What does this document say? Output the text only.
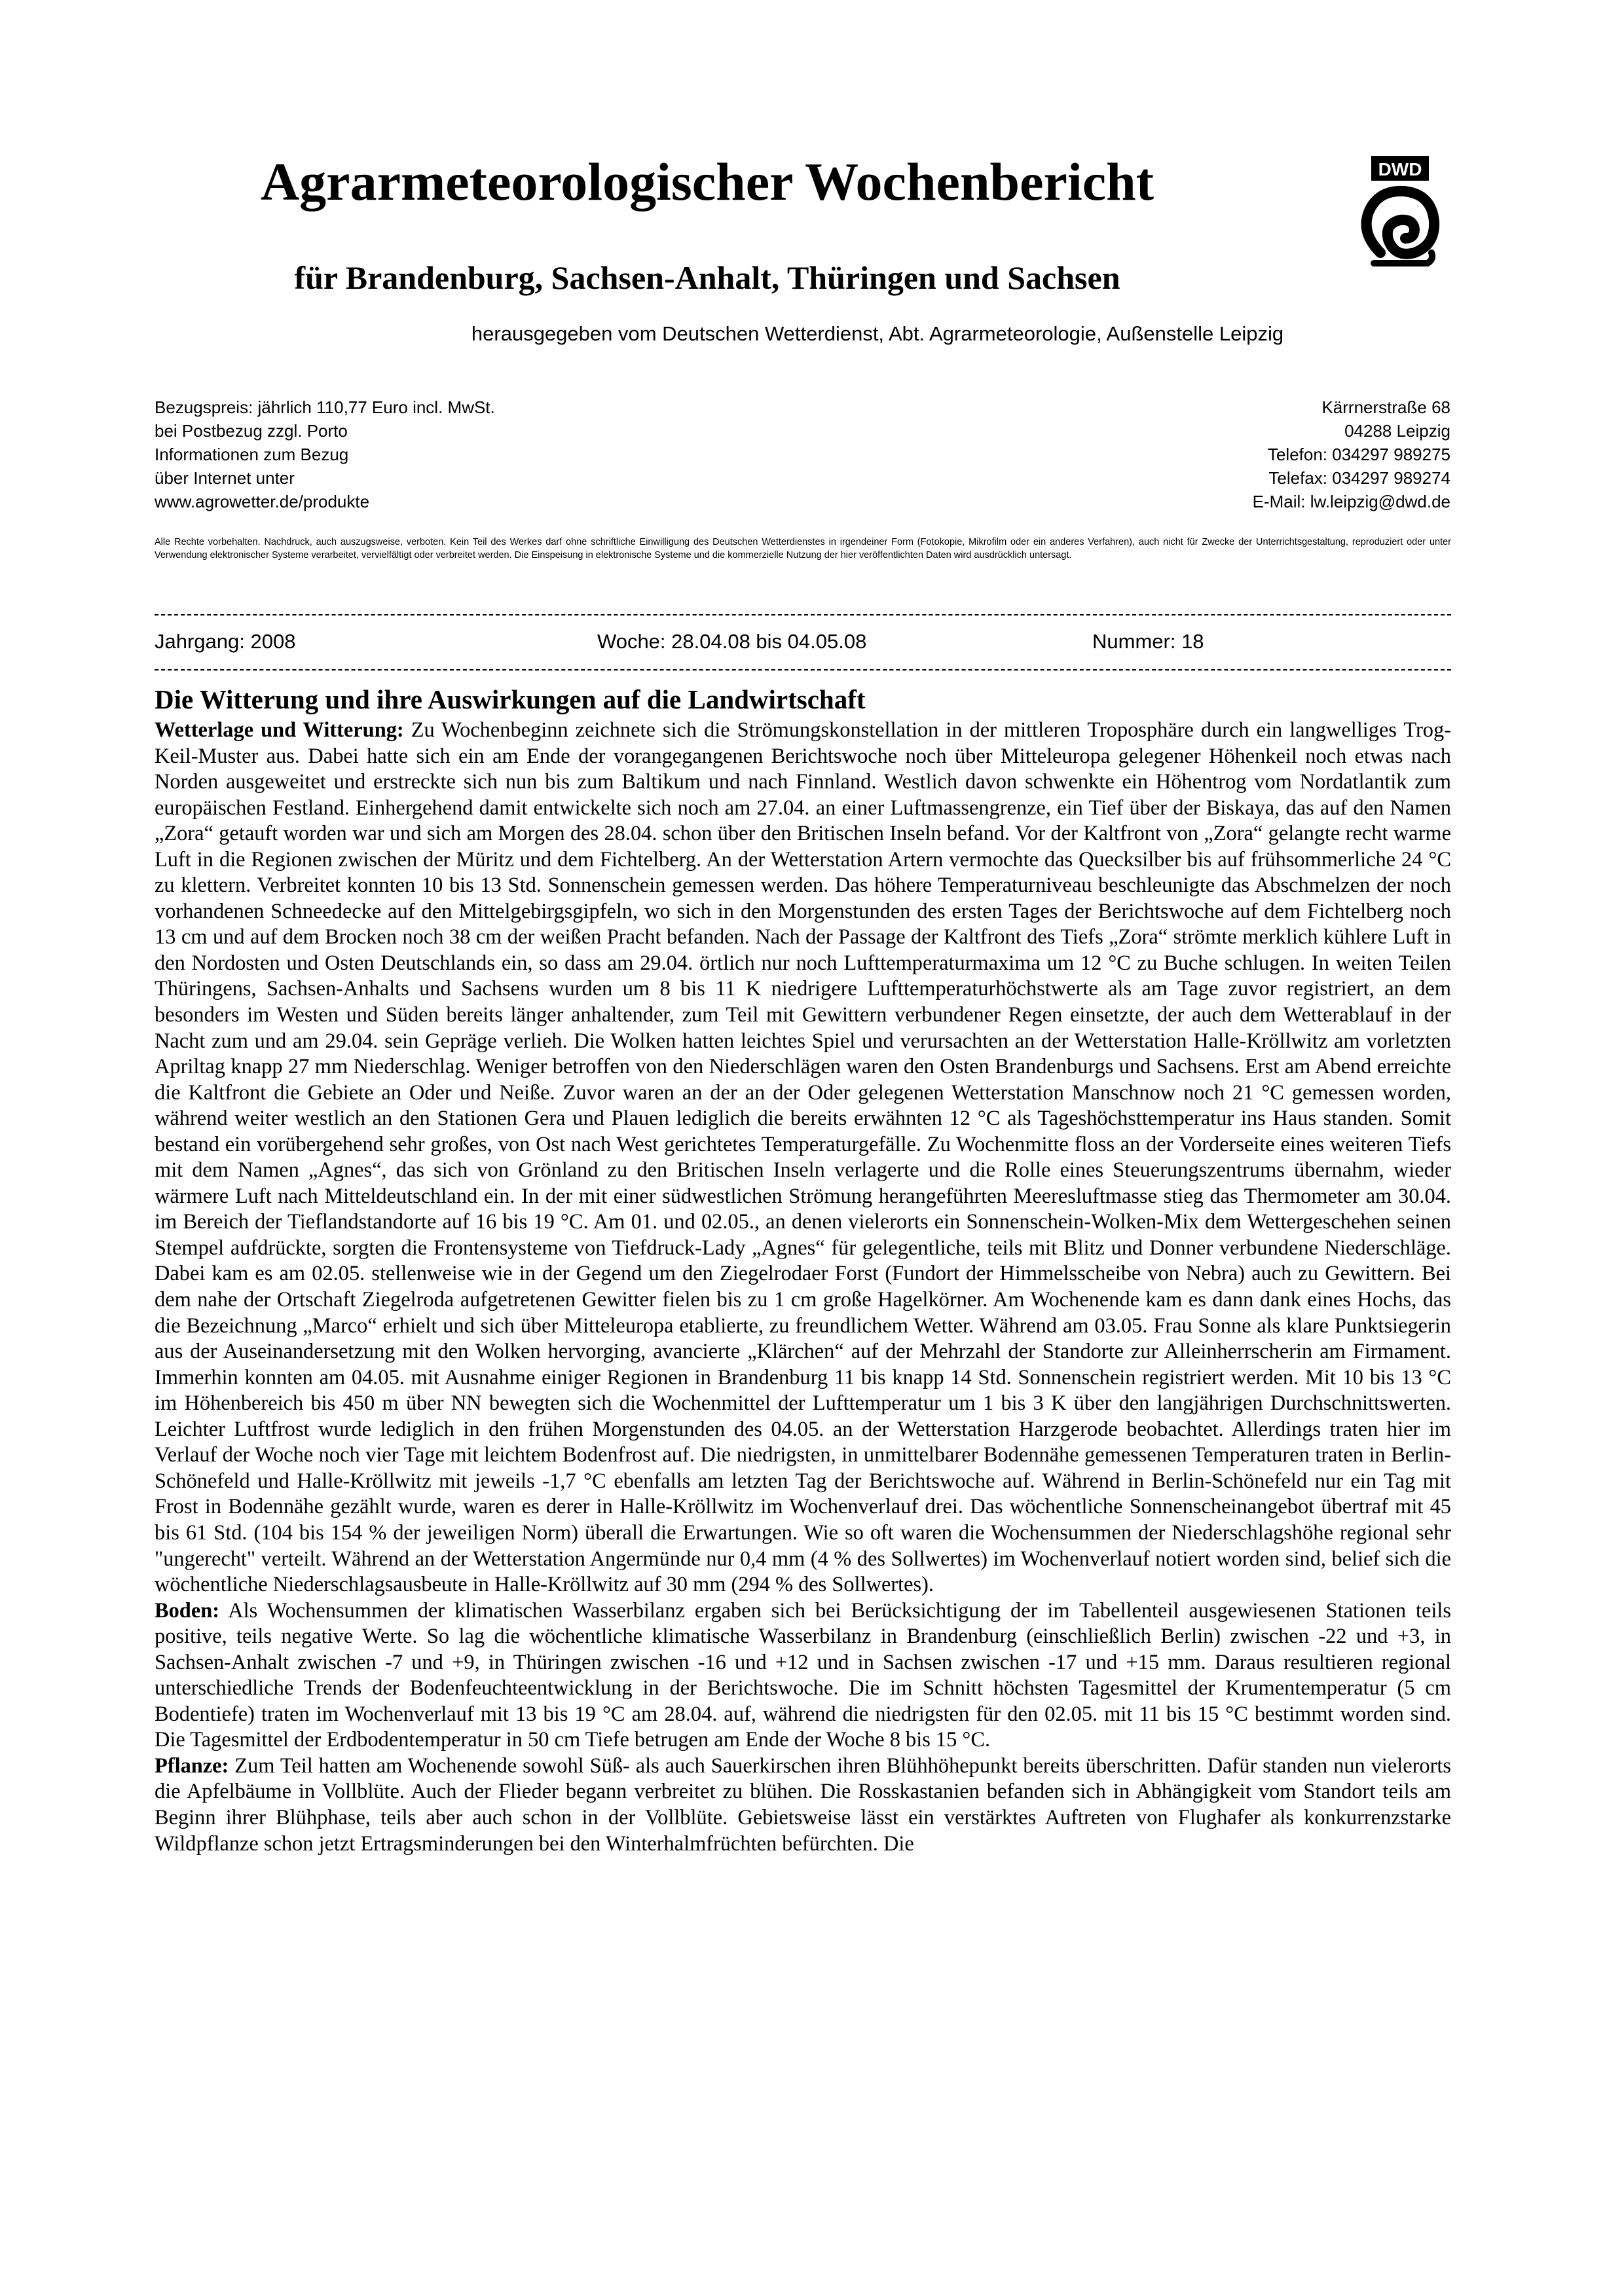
Agrarmeteorologischer Wochenbericht	DWD
für Brandenburg, Sachsen-Anhalt, Thüringen und Sachsen

herausgegeben vom Deutschen Wetterdienst, Abt. Agrarmeteorologie, Außenstelle Leipzig

Bezugspreis: jährlich 110,77 Euro incl. MwSt.
bei Postbezug zzgl. Porto
Informationen zum Bezug
über Internet unter
www.agrowetter.de/produkte
Kärrnerstraße 68
04288 Leipzig
Telefon: 034297 989275
Telefax: 034297 989274
E-Mail: lw.leipzig@dwd.de

Alle Rechte vorbehalten. Nachdruck, auch auszugsweise, verboten. Kein Teil des Werkes darf ohne schriftliche Einwilligung des Deutschen Wetterdienstes in irgendeiner Form (Fotokopie, Mikrofilm oder ein anderes Verfahren), auch nicht für Zwecke der Unterrichtsgestaltung, reproduziert oder unter Verwendung elektronischer Systeme verarbeitet, vervielfältigt oder verbreitet werden. Die Einspeisung in elektronische Systeme und die kommerzielle Nutzung der hier veröffentlichten Daten wird ausdrücklich untersagt.

Jahrgang: 2008	Woche: 28.04.08 bis 04.05.08	Nummer: 18
Die Witterung und ihre Auswirkungen auf die Landwirtschaft

Wetterlage und Witterung: Zu Wochenbeginn zeichnete sich die Strömungskonstellation in der mittleren Troposphäre durch ein langwelliges Trog-Keil-Muster aus. Dabei hatte sich ein am Ende der vorangegangenen Berichtswoche noch über Mitteleuropa gelegener Höhenkeil noch etwas nach Norden ausgeweitet und erstreckte sich nun bis zum Baltikum und nach Finnland. Westlich davon schwenkte ein Höhentrog vom Nordatlantik zum europäischen Festland. Einhergehend damit entwickelte sich noch am 27.04. an einer Luftmassengrenze, ein Tief über der Biskaya, das auf den Namen „Zora“ getauft worden war und sich am Morgen des 28.04. schon über den Britischen Inseln befand. Vor der Kaltfront von „Zora“ gelangte recht warme Luft in die Regionen zwischen der Müritz und dem Fichtelberg. An der Wetterstation Artern vermochte das Quecksilber bis auf frühsommerliche 24 °C zu klettern. Verbreitet konnten 10 bis 13 Std. Sonnenschein gemessen werden. Das höhere Temperaturniveau beschleunigte das Abschmelzen der noch vorhandenen Schneedecke auf den Mittelgebirgsgipfeln, wo sich in den Morgenstunden des ersten Tages der Berichtswoche auf dem Fichtelberg noch 13 cm und auf dem Brocken noch 38 cm der weißen Pracht befanden. Nach der Passage der Kaltfront des Tiefs „Zora“ strömte merklich kühlere Luft in den Nordosten und Osten Deutschlands ein, so dass am 29.04. örtlich nur noch Lufttemperaturmaxima um 12 °C zu Buche schlugen. In weiten Teilen Thüringens, Sachsen-Anhalts und Sachsens wurden um 8 bis 11 K niedrigere Lufttemperaturhöchstwerte als am Tage zuvor registriert, an dem besonders im Westen und Süden bereits länger anhaltender, zum Teil mit Gewittern verbundener Regen einsetzte, der auch dem Wetterablauf in der Nacht zum und am 29.04. sein Gepräge verlieh. Die Wolken hatten leichtes Spiel und verursachten an der Wetterstation Halle-Kröllwitz am vorletzten Apriltag knapp 27 mm Niederschlag. Weniger betroffen von den Niederschlägen waren den Osten Brandenburgs und Sachsens. Erst am Abend erreichte die Kaltfront die Gebiete an Oder und Neiße. Zuvor waren an der an der Oder gelegenen Wetterstation Manschnow noch 21 °C gemessen worden, während weiter westlich an den Stationen Gera und Plauen lediglich die bereits erwähnten 12 °C als Tageshöchsttemperatur ins Haus standen. Somit bestand ein vorübergehend sehr großes, von Ost nach West gerichtetes Temperaturgefälle. Zu Wochenmitte floss an der Vorderseite eines weiteren Tiefs mit dem Namen „Agnes“, das sich von Grönland zu den Britischen Inseln verlagerte und die Rolle eines Steuerungszentrums übernahm, wieder wärmere Luft nach Mitteldeutschland ein. In der mit einer südwestlichen Strömung herangeführten Meeresluftmasse stieg das Thermometer am 30.04. im Bereich der Tieflandstandorte auf 16 bis 19 °C. Am 01. und 02.05., an denen vielerorts ein Sonnenschein-Wolken-Mix dem Wettergeschehen seinen Stempel aufdrückte, sorgten die Frontensysteme von Tiefdruck-Lady „Agnes“ für gelegentliche, teils mit Blitz und Donner verbundene Niederschläge. Dabei kam es am 02.05. stellenweise wie in der Gegend um den Ziegelrodaer Forst (Fundort der Himmelsscheibe von Nebra) auch zu Gewittern. Bei dem nahe der Ortschaft Ziegelroda aufgetretenen Gewitter fielen bis zu 1 cm große Hagelkörner. Am Wochenende kam es dann dank eines Hochs, das die Bezeichnung „Marco“ erhielt und sich über Mitteleuropa etablierte, zu freundlichem Wetter. Während am 03.05. Frau Sonne als klare Punktsiegerin aus der Auseinandersetzung mit den Wolken hervorging, avancierte „Klärchen“ auf der Mehrzahl der Standorte zur Alleinherrscherin am Firmament. Immerhin konnten am 04.05. mit Ausnahme einiger Regionen in Brandenburg 11 bis knapp 14 Std. Sonnenschein registriert werden. Mit 10 bis 13 °C im Höhenbereich bis 450 m über NN bewegten sich die Wochenmittel der Lufttemperatur um 1 bis 3 K über den langjährigen Durchschnittswerten. Leichter Luftfrost wurde lediglich in den frühen Morgenstunden des 04.05. an der Wetterstation Harzgerode beobachtet. Allerdings traten hier im Verlauf der Woche noch vier Tage mit leichtem Bodenfrost auf. Die niedrigsten, in unmittelbarer Bodennähe gemessenen Temperaturen traten in Berlin-Schönefeld und Halle-Kröllwitz mit jeweils -1,7 °C ebenfalls am letzten Tag der Berichtswoche auf. Während in Berlin-Schönefeld nur ein Tag mit Frost in Bodennähe gezählt wurde, waren es derer in Halle-Kröllwitz im Wochenverlauf drei. Das wöchentliche Sonnenscheinangebot übertraf mit 45 bis 61 Std. (104 bis 154 % der jeweiligen Norm) überall die Erwartungen. Wie so oft waren die Wochensummen der Niederschlagshöhe regional sehr "ungerecht" verteilt. Während an der Wetterstation Angermünde nur 0,4 mm (4 % des Sollwertes) im Wochenverlauf notiert worden sind, belief sich die wöchentliche Niederschlagsausbeute in Halle-Kröllwitz auf 30 mm (294 % des Sollwertes).

Boden: Als Wochensummen der klimatischen Wasserbilanz ergaben sich bei Berücksichtigung der im Tabellenteil ausgewiesenen Stationen teils positive, teils negative Werte. So lag die wöchentliche klimatische Wasserbilanz in Brandenburg (einschließlich Berlin) zwischen -22 und +3, in Sachsen-Anhalt zwischen -7 und +9, in Thüringen zwischen -16 und +12 und in Sachsen zwischen -17 und +15 mm. Daraus resultieren regional unterschiedliche Trends der Bodenfeuchteentwicklung in der Berichtswoche. Die im Schnitt höchsten Tagesmittel der Krumentemperatur (5 cm Bodentiefe) traten im Wochenverlauf mit 13 bis 19 °C am 28.04. auf, während die niedrigsten für den 02.05. mit 11 bis 15 °C bestimmt worden sind. Die Tagesmittel der Erdbodentemperatur in 50 cm Tiefe betrugen am Ende der Woche 8 bis 15 °C.

Pflanze: Zum Teil hatten am Wochenende sowohl Süß- als auch Sauerkirschen ihren Blühhöhepunkt bereits überschritten. Dafür standen nun vielerorts die Apfelbäume in Vollblüte. Auch der Flieder begann verbreitet zu blühen. Die Rosskastanien befanden sich in Abhängigkeit vom Standort teils am Beginn ihrer Blühphase, teils aber auch schon in der Vollblüte. Gebietsweise lässt ein verstärktes Auftreten von Flughafer als konkurrenzstarke Wildpflanze schon jetzt Ertragsminderungen bei den Winterhalmfrüchten befürchten. Die
